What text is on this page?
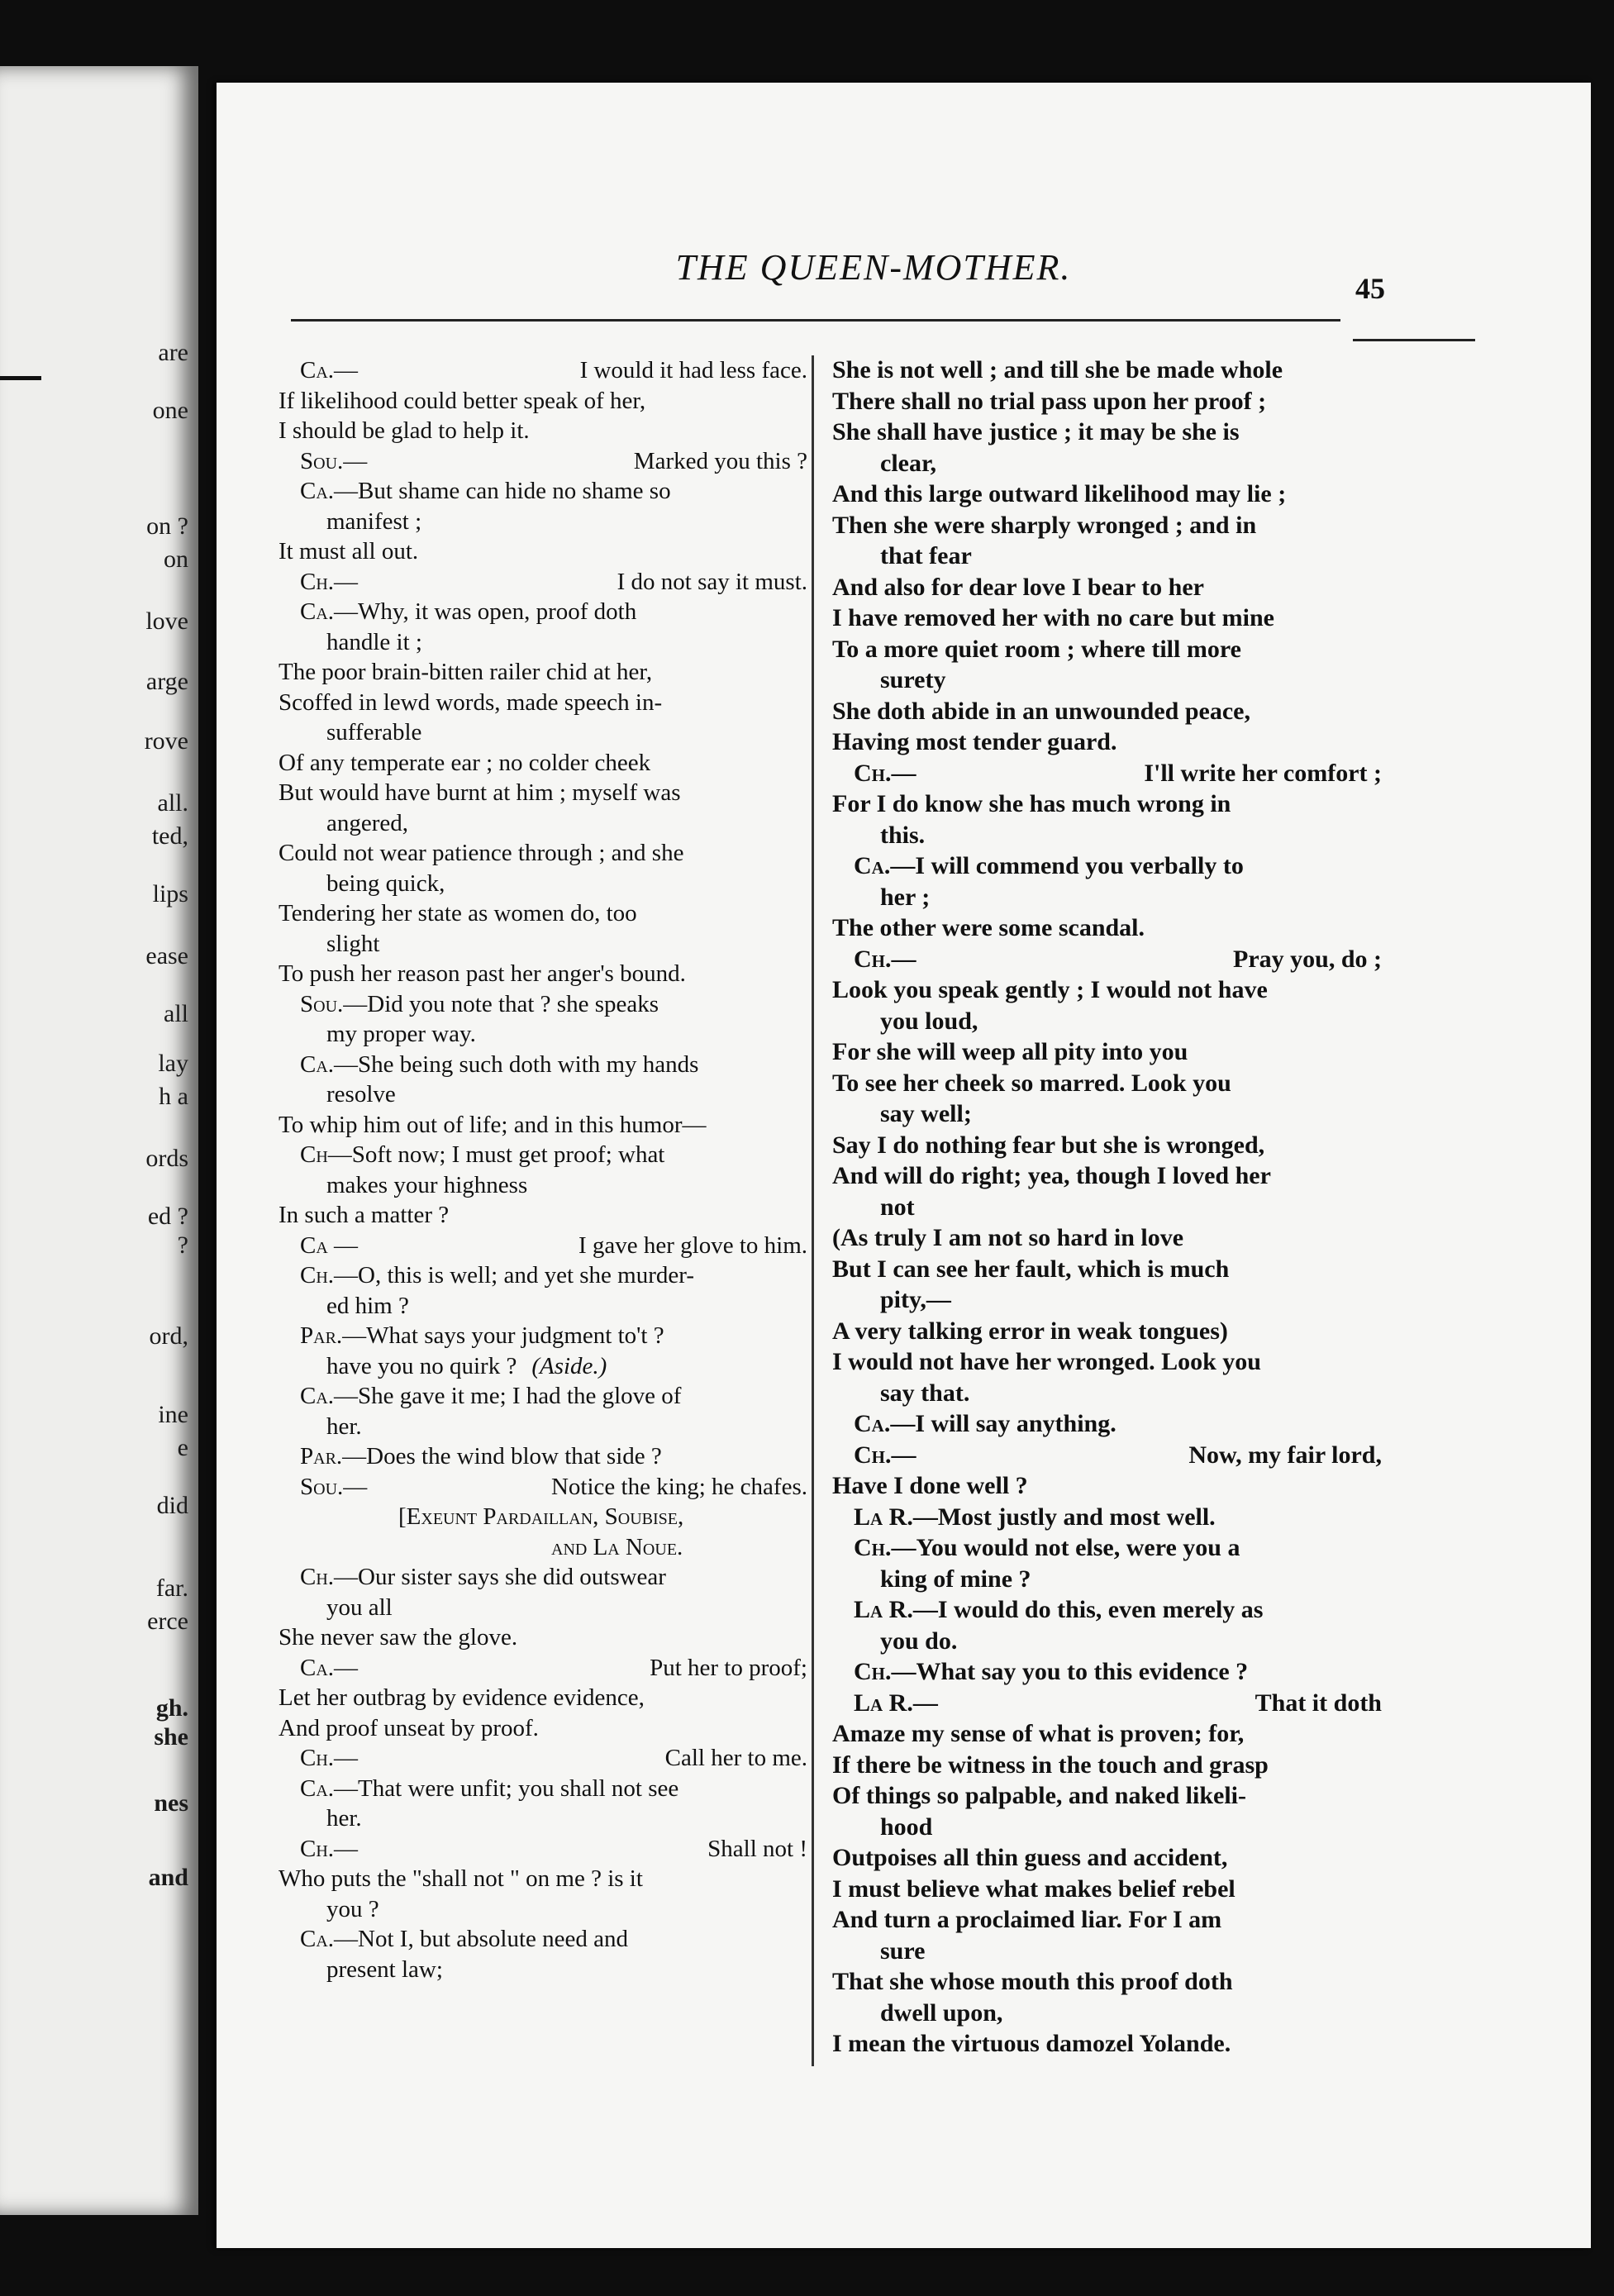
are
one
on ?
on
love
arge
rove
all.
ted,
lips
ease
all
lay
h a
ords
ed ?
?
ord,
ine
e
did
far.
erce
gh.
she
nes
and
THE QUEEN-MOTHER.
45
Ca.—	I would it had less face.
If likelihood could better speak of her,
I should be glad to help it.
Sou.—	Marked you this ?
Ca.—But shame can hide no shame so
manifest ;
It must all out.
Ch.—	I do not say it must.
Ca.—Why, it was open, proof doth
handle it ;
The poor brain-bitten railer chid at her,
Scoffed in lewd words, made speech in-
sufferable
Of any temperate ear ; no colder cheek
But would have burnt at him ; myself was
angered,
Could not wear patience through ; and she
being quick,
Tendering her state as women do, too
slight
To push her reason past her anger's bound.
Sou.—Did you note that ? she speaks
my proper way.
Ca.—She being such doth with my hands
resolve
To whip him out of life; and in this humor—
Ch—Soft now; I must get proof; what
makes your highness
In such a matter ?
Ca —	I gave her glove to him.
Ch.—O, this is well; and yet she murder-
ed him ?
Par.—What says your judgment to't ?
have you no quirk ? (Aside.)
Ca.—She gave it me; I had the glove of
her.
Par.—Does the wind blow that side ?
Sou.—	Notice the king; he chafes.
[Exeunt Pardaillan, Soubise,
and La Noue.
Ch.—Our sister says she did outswear
you all
She never saw the glove.
Ca.—	Put her to proof;
Let her outbrag by evidence evidence,
And proof unseat by proof.
Ch.—	Call her to me.
Ca.—That were unfit; you shall not see
her.
Ch.—	Shall not !
Who puts the "shall not " on me ? is it
you ?
Ca.—Not I, but absolute need and
present law;
She is not well ; and till she be made whole
There shall no trial pass upon her proof ;
She shall have justice ; it may be she is
clear,
And this large outward likelihood may lie ;
Then she were sharply wronged ; and in
that fear
And also for dear love I bear to her
I have removed her with no care but mine
To a more quiet room ; where till more
surety
She doth abide in an unwounded peace,
Having most tender guard.
Ch.—	I'll write her comfort ;
For I do know she has much wrong in
this.
Ca.—I will commend you verbally to
her ;
The other were some scandal.
Ch.—	Pray you, do ;
Look you speak gently ; I would not have
you loud,
For she will weep all pity into you
To see her cheek so marred. Look you
say well;
Say I do nothing fear but she is wronged,
And will do right; yea, though I loved her
not
(As truly I am not so hard in love
But I can see her fault, which is much
pity,—
A very talking error in weak tongues)
I would not have her wronged. Look you
say that.
Ca.—I will say anything.
Ch.—	Now, my fair lord,
Have I done well ?
La R.—Most justly and most well.
Ch.—You would not else, were you a
king of mine ?
La R.—I would do this, even merely as
you do.
Ch.—What say you to this evidence ?
La R.—	That it doth
Amaze my sense of what is proven; for,
If there be witness in the touch and grasp
Of things so palpable, and naked likeli-
hood
Outpoises all thin guess and accident,
I must believe what makes belief rebel
And turn a proclaimed liar. For I am
sure
That she whose mouth this proof doth
dwell upon,
I mean the virtuous damozel Yolande.
